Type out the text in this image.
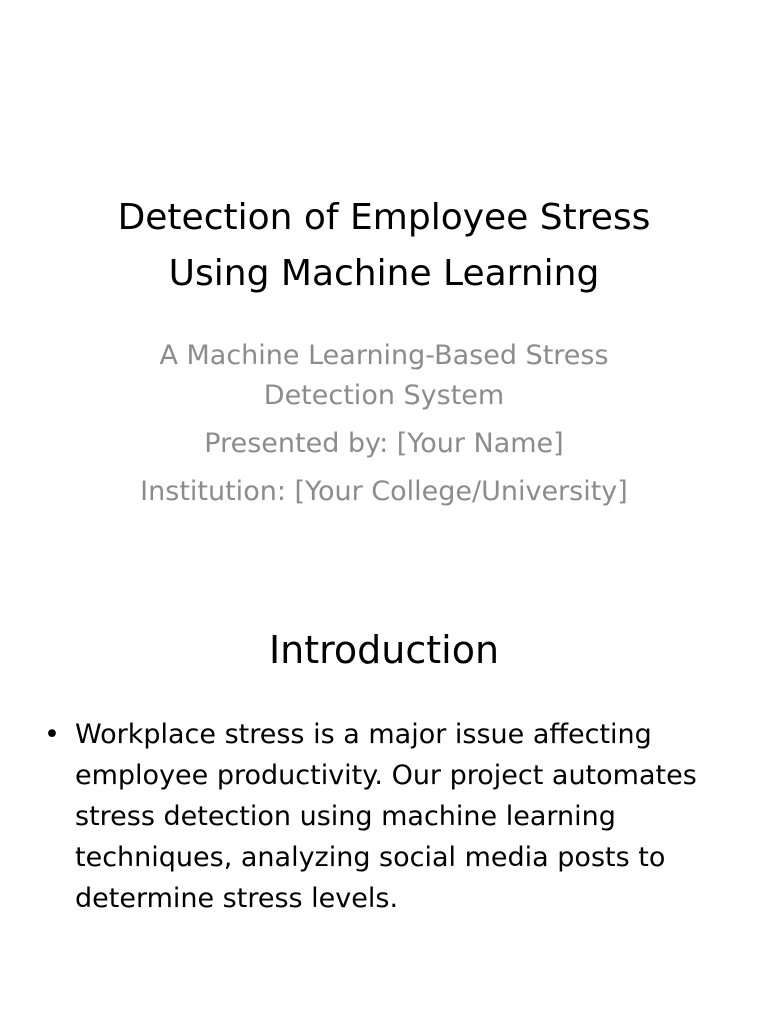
Detection of Employee Stress
Using Machine Learning
A Machine Learning-Based Stress
Detection System
Presented by: [Your Name]
Institution: [Your College/University]
Introduction
• Workplace stress is a major issue affecting employee productivity. Our project automates stress detection using machine learning techniques, analyzing social media posts to determine stress levels.
